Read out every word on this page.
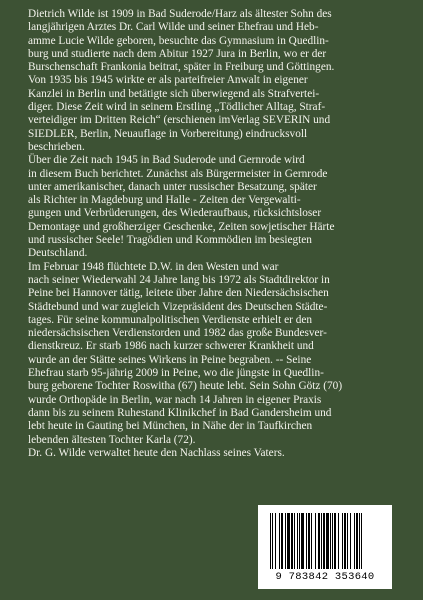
Dietrich Wilde ist 1909 in Bad Suderode/Harz als ältester Sohn des
langjährigen Arztes Dr. Carl Wilde und seiner Ehefrau und Heb-
amme Lucie Wilde geboren, besuchte das Gymnasium in Quedlin-
burg und studierte nach dem Abitur 1927 Jura in Berlin, wo er der
Burschenschaft Frankonia beitrat, später in Freiburg und Göttingen.
Von 1935 bis 1945 wirkte er als parteifreier Anwalt in eigener
Kanzlei in Berlin und betätigte sich überwiegend als Strafvertei-
diger. Diese Zeit wird in seinem Erstling „Tödlicher Alltag, Straf-
verteidiger im Dritten Reich“ (erschienen imVerlag SEVERIN und
SIEDLER, Berlin, Neuauflage in Vorbereitung) eindrucksvoll
beschrieben.
Über die Zeit nach 1945 in Bad Suderode und Gernrode wird
in diesem Buch berichtet. Zunächst als Bürgermeister in Gernrode
unter amerikanischer, danach unter russischer Besatzung, später
als Richter in Magdeburg und Halle - Zeiten der Vergewalti-
gungen und Verbrüderungen, des Wiederaufbaus, rücksichtsloser
Demontage und großherziger Geschenke, Zeiten sowjetischer Härte
und russischer Seele! Tragödien und Kommödien im besiegten
Deutschland.
Im Februar 1948 flüchtete D.W. in den Westen und war
nach seiner Wiederwahl 24 Jahre lang bis 1972 als Stadtdirektor in
Peine bei Hannover tätig, leitete über Jahre den Niedersächsischen
Städtebund und war zugleich Vizepräsident des Deutschen Städte-
tages. Für seine kommunalpolitischen Verdienste erhielt er den
niedersächsischen Verdienstorden und 1982 das große Bundesver-
dienstkreuz. Er starb 1986 nach kurzer schwerer Krankheit und
wurde an der Stätte seines Wirkens in Peine begraben. -- Seine
Ehefrau starb 95-jährig 2009 in Peine, wo die jüngste in Quedlin-
burg geborene Tochter Roswitha (67) heute lebt. Sein Sohn Götz (70)
wurde Orthopäde in Berlin, war nach 14 Jahren in eigener Praxis
dann bis zu seinem Ruhestand Klinikchef in Bad Gandersheim und
lebt heute in Gauting bei München, in Nähe der in Taufkirchen
lebenden ältesten Tochter Karla (72).
Dr. G. Wilde verwaltet heute den Nachlass seines Vaters.
9 783842 353640
